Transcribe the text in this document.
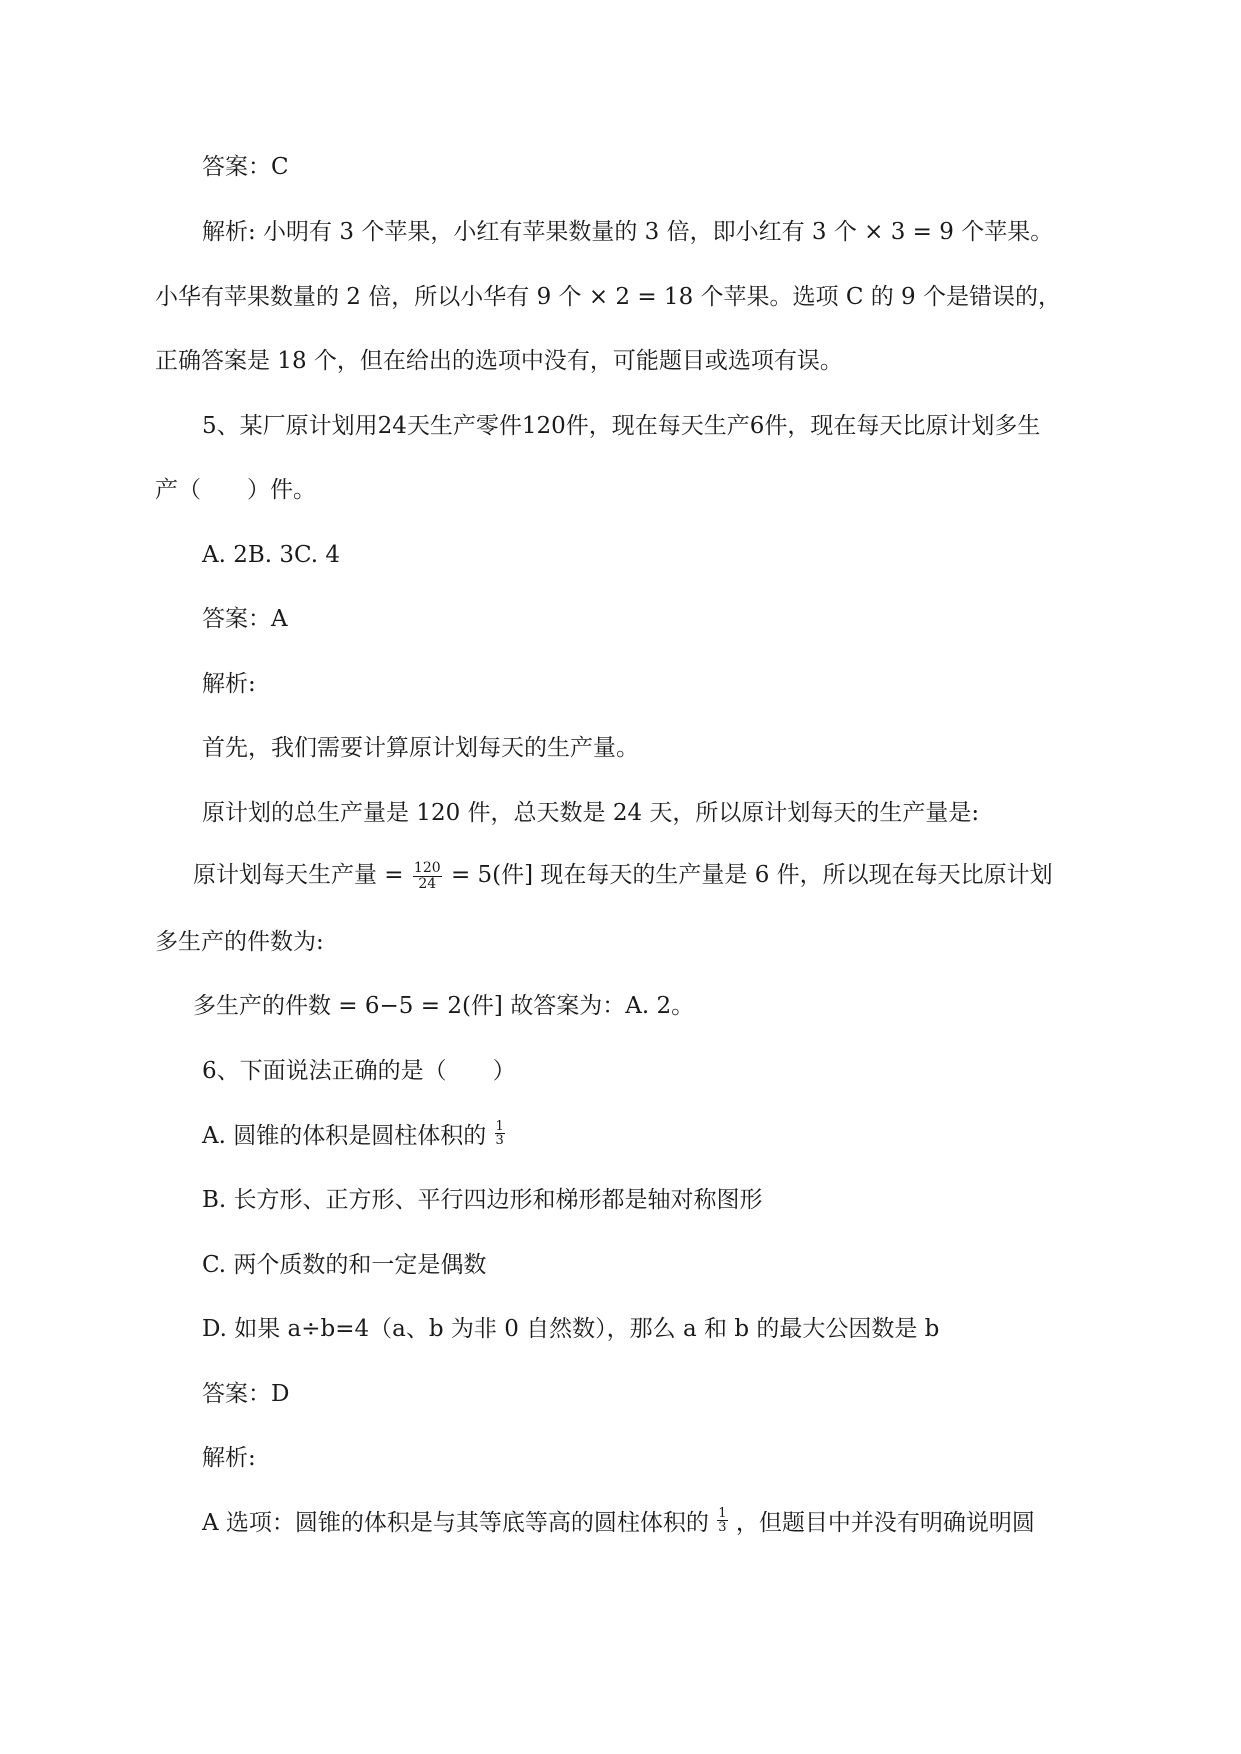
答案：C
解析: 小明有 3 个苹果，小红有苹果数量的 3 倍，即小红有 3 个 × 3 = 9 个苹果。
小华有苹果数量的 2 倍，所以小华有 9 个 × 2 = 18 个苹果。选项 C 的 9 个是错误的，
正确答案是 18 个，但在给出的选项中没有，可能题目或选项有误。
5、某厂原计划用24天生产零件120件，现在每天生产6件，现在每天比原计划多生
产（　　）件。
A. 2B. 3C. 4
答案：A
解析:
首先，我们需要计算原计划每天的生产量。
原计划的总生产量是 120 件，总天数是 24 天，所以原计划每天的生产量是:
原计划每天生产量 = $\frac{120}{24} = 5$(件] 现在每天的生产量是 6 件，所以现在每天比原计划
多生产的件数为:
多生产的件数 = 6−5 = 2(件] 故答案为：A. 2。
6、下面说法正确的是（　　）
A. 圆锥的体积是圆柱体积的 $\frac{1}{3}$
B. 长方形、正方形、平行四边形和梯形都是轴对称图形
C. 两个质数的和一定是偶数
D. 如果 a÷b=4（a、b 为非 0 自然数），那么 a 和 b 的最大公因数是 b
答案：D
解析:
A 选项：圆锥的体积是与其等底等高的圆柱体积的 $\frac{1}{3}$ ，但题目中并没有明确说明圆
